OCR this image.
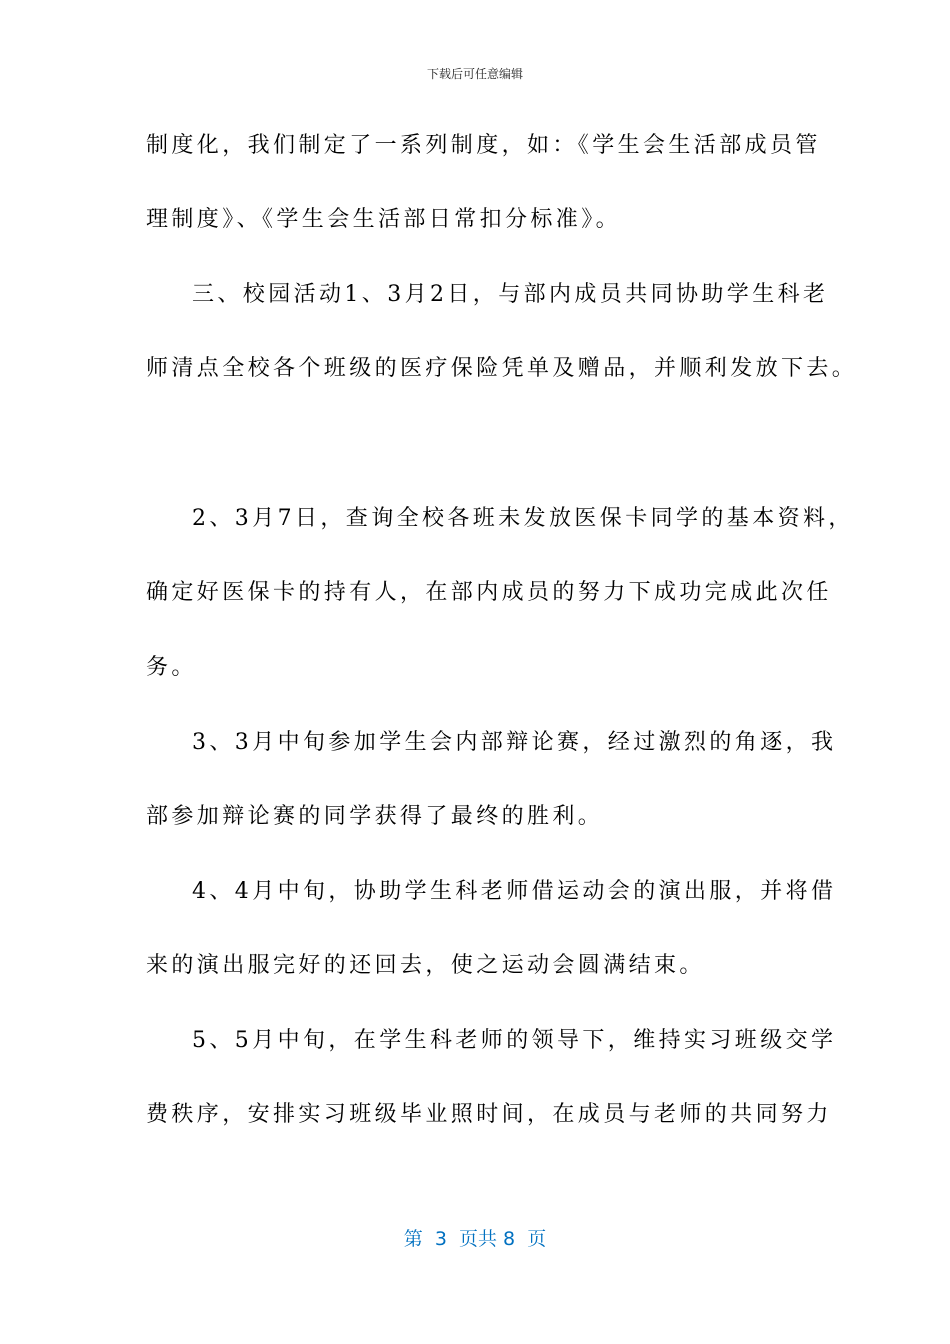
下载后可任意编辑
制度化，我们制定了一系列制度，如：《学生会生活部成员管
理制度》、《学生会生活部日常扣分标准》。
三、校园活动1、3月2日，与部内成员共同协助学生科老
师清点全校各个班级的医疗保险凭单及赠品，并顺利发放下去。
2、3月7日，查询全校各班未发放医保卡同学的基本资料，
确定好医保卡的持有人，在部内成员的努力下成功完成此次任
务。
3、3月中旬参加学生会内部辩论赛，经过激烈的角逐，我
部参加辩论赛的同学获得了最终的胜利。
4、4月中旬，协助学生科老师借运动会的演出服，并将借
来的演出服完好的还回去，使之运动会圆满结束。
5、5月中旬，在学生科老师的领导下，维持实习班级交学
费秩序，安排实习班级毕业照时间，在成员与老师的共同努力
第  3  页共 8  页
